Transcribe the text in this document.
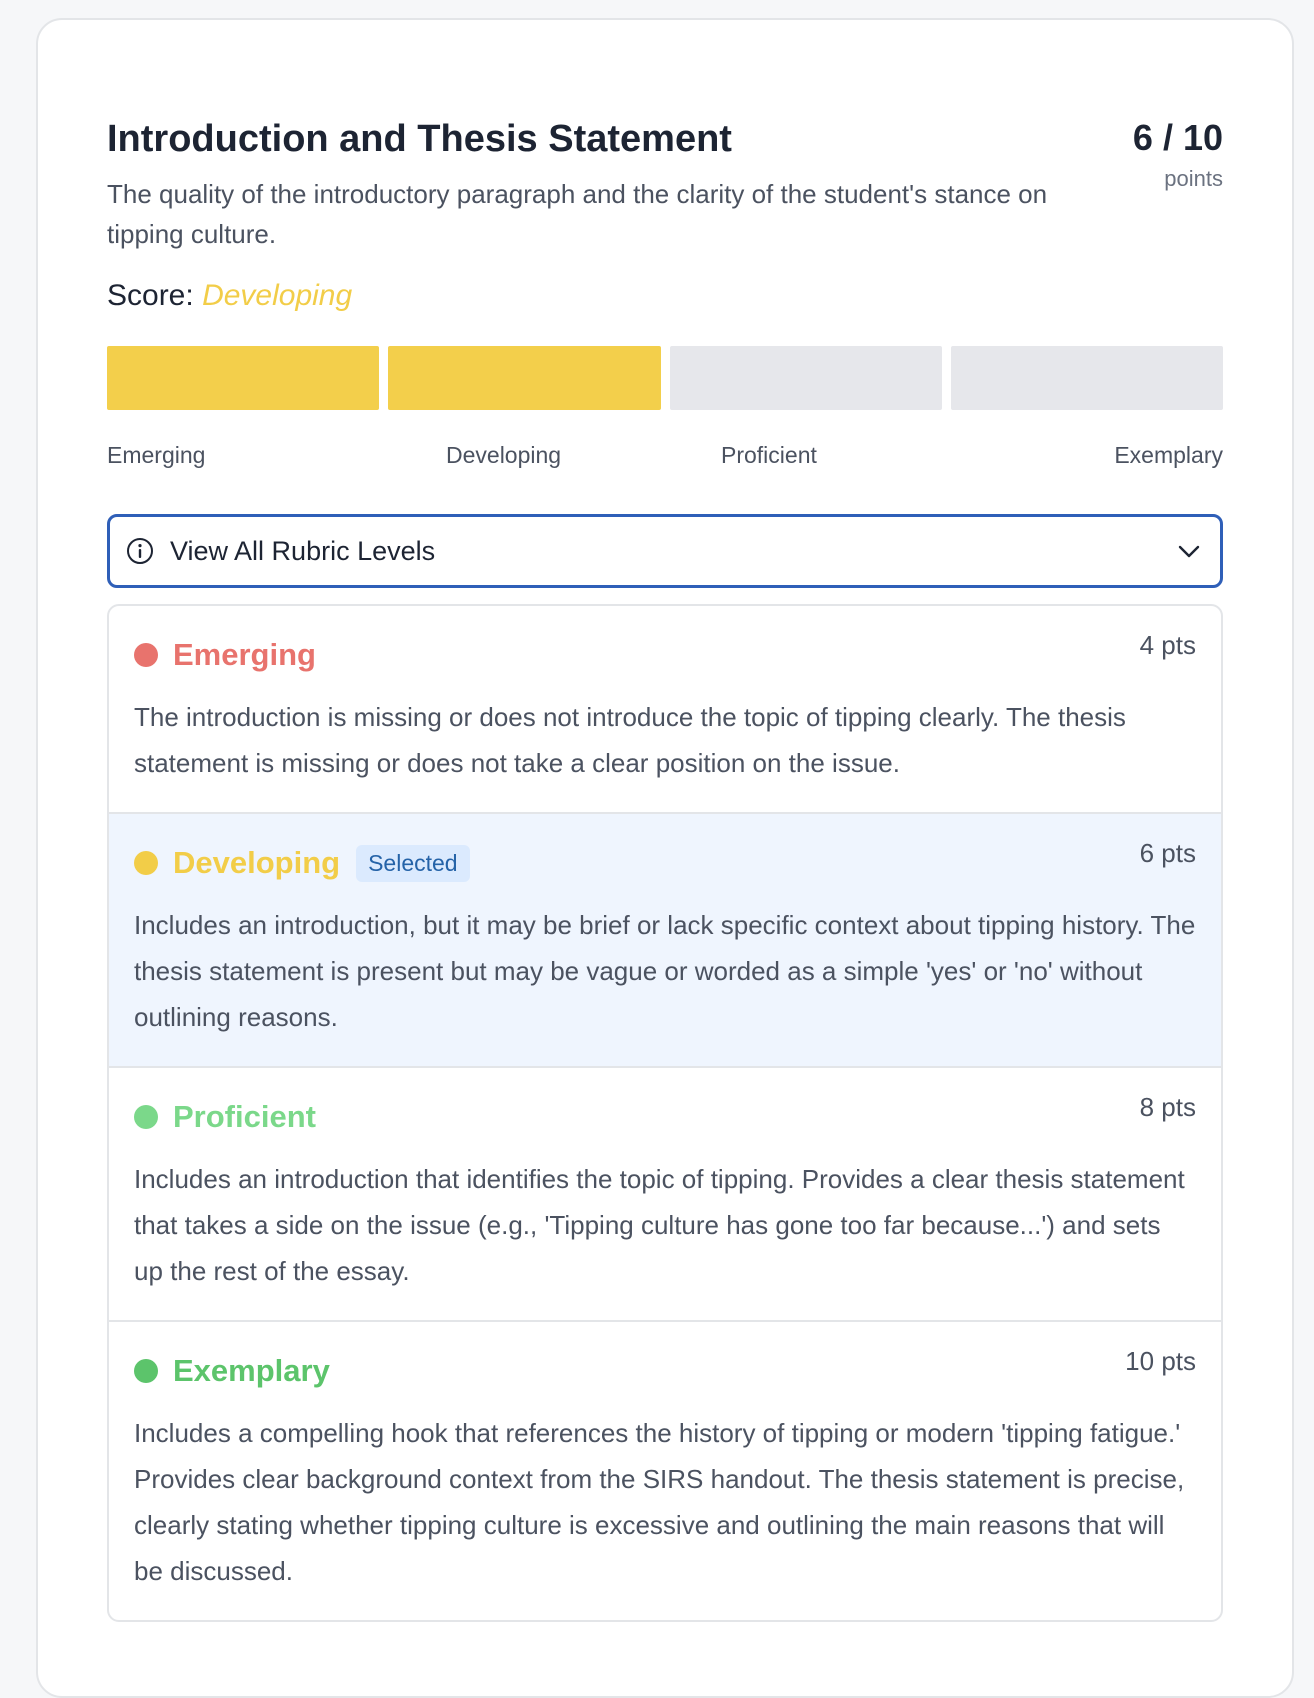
Introduction and Thesis Statement

The quality of the introductory paragraph and the clarity of the student's stance on tipping culture.

6 / 10
points
Score: Developing
Emerging	Developing	Proficient	Exemplary
View All Rubric Levels
Emerging	4 pts

The introduction is missing or does not introduce the topic of tipping clearly. The thesis statement is missing or does not take a clear position on the issue.

Developing	Selected	6 pts

Includes an introduction, but it may be brief or lack specific context about tipping history. The thesis statement is present but may be vague or worded as a simple 'yes' or 'no' without outlining reasons.

Proficient	8 pts

Includes an introduction that identifies the topic of tipping. Provides a clear thesis statement that takes a side on the issue (e.g., 'Tipping culture has gone too far because...') and sets up the rest of the essay.

Exemplary	10 pts

Includes a compelling hook that references the history of tipping or modern 'tipping fatigue.' Provides clear background context from the SIRS handout. The thesis statement is precise, clearly stating whether tipping culture is excessive and outlining the main reasons that will be discussed.
